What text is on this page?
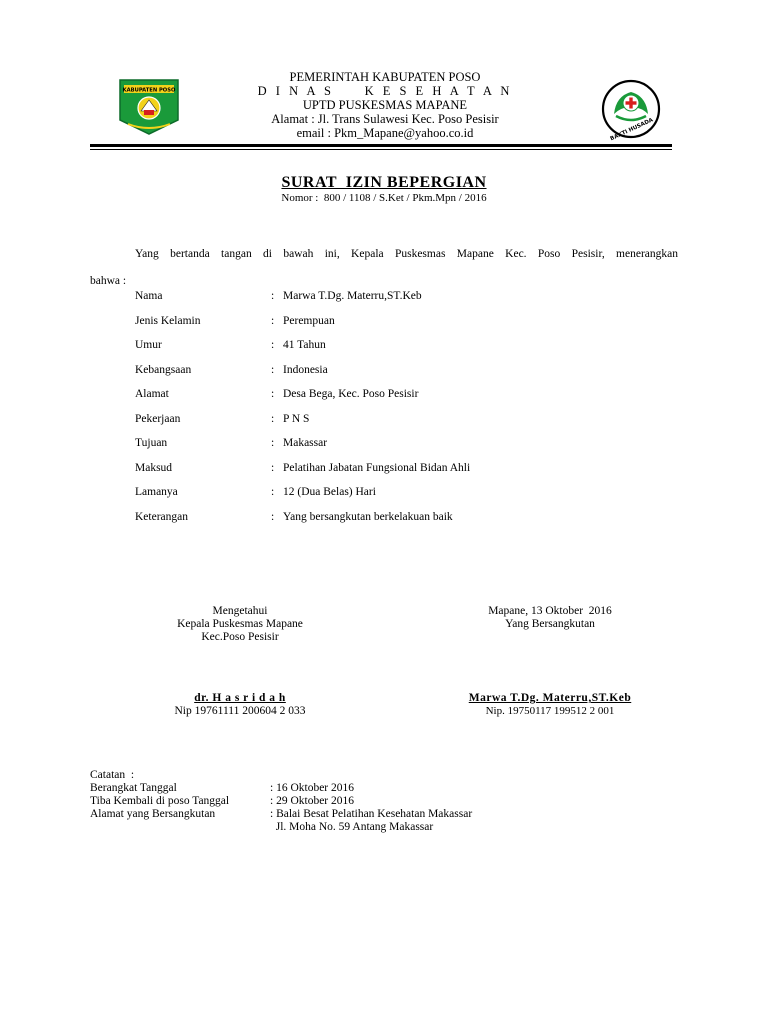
KABUPATEN POSO
BAKTI HUSADA
PEMERINTAH KABUPATEN POSO
D I N A S     K E S E H A T A N
UPTD PUSKESMAS MAPANE
Alamat : Jl. Trans Sulawesi Kec. Poso Pesisir
email : Pkm_Mapane@yahoo.co.id
SURAT  IZIN BEPERGIAN
Nomor :  800 / 1108 / S.Ket / Pkm.Mpn / 2016
Yang bertanda tangan di bawah ini, Kepala Puskesmas Mapane Kec. Poso Pesisir, menerangkan
bahwa :
Nama	: Marwa T.Dg. Materru,ST.Keb
Jenis Kelamin	: Perempuan
Umur	: 41 Tahun
Kebangsaan	: Indonesia
Alamat	: Desa Bega, Kec. Poso Pesisir
Pekerjaan	: P N S
Tujuan	: Makassar
Maksud	: Pelatihan Jabatan Fungsional Bidan Ahli
Lamanya	: 12 (Dua Belas) Hari
Keterangan	: Yang bersangkutan berkelakuan baik
Mengetahui
Kepala Puskesmas Mapane
Kec.Poso Pesisir
Mapane, 13 Oktober  2016
Yang Bersangkutan
dr. H a s r i d a h
Nip 19761111 200604 2 033
Marwa T.Dg. Materru,ST.Keb
Nip. 19750117 199512 2 001
Catatan  :
Berangkat Tanggal	: 16 Oktober 2016
Tiba Kembali di poso Tanggal	: 29 Oktober 2016
Alamat yang Bersangkutan	: Balai Besat Pelatihan Kesehatan Makassar
Jl. Moha No. 59 Antang Makassar
